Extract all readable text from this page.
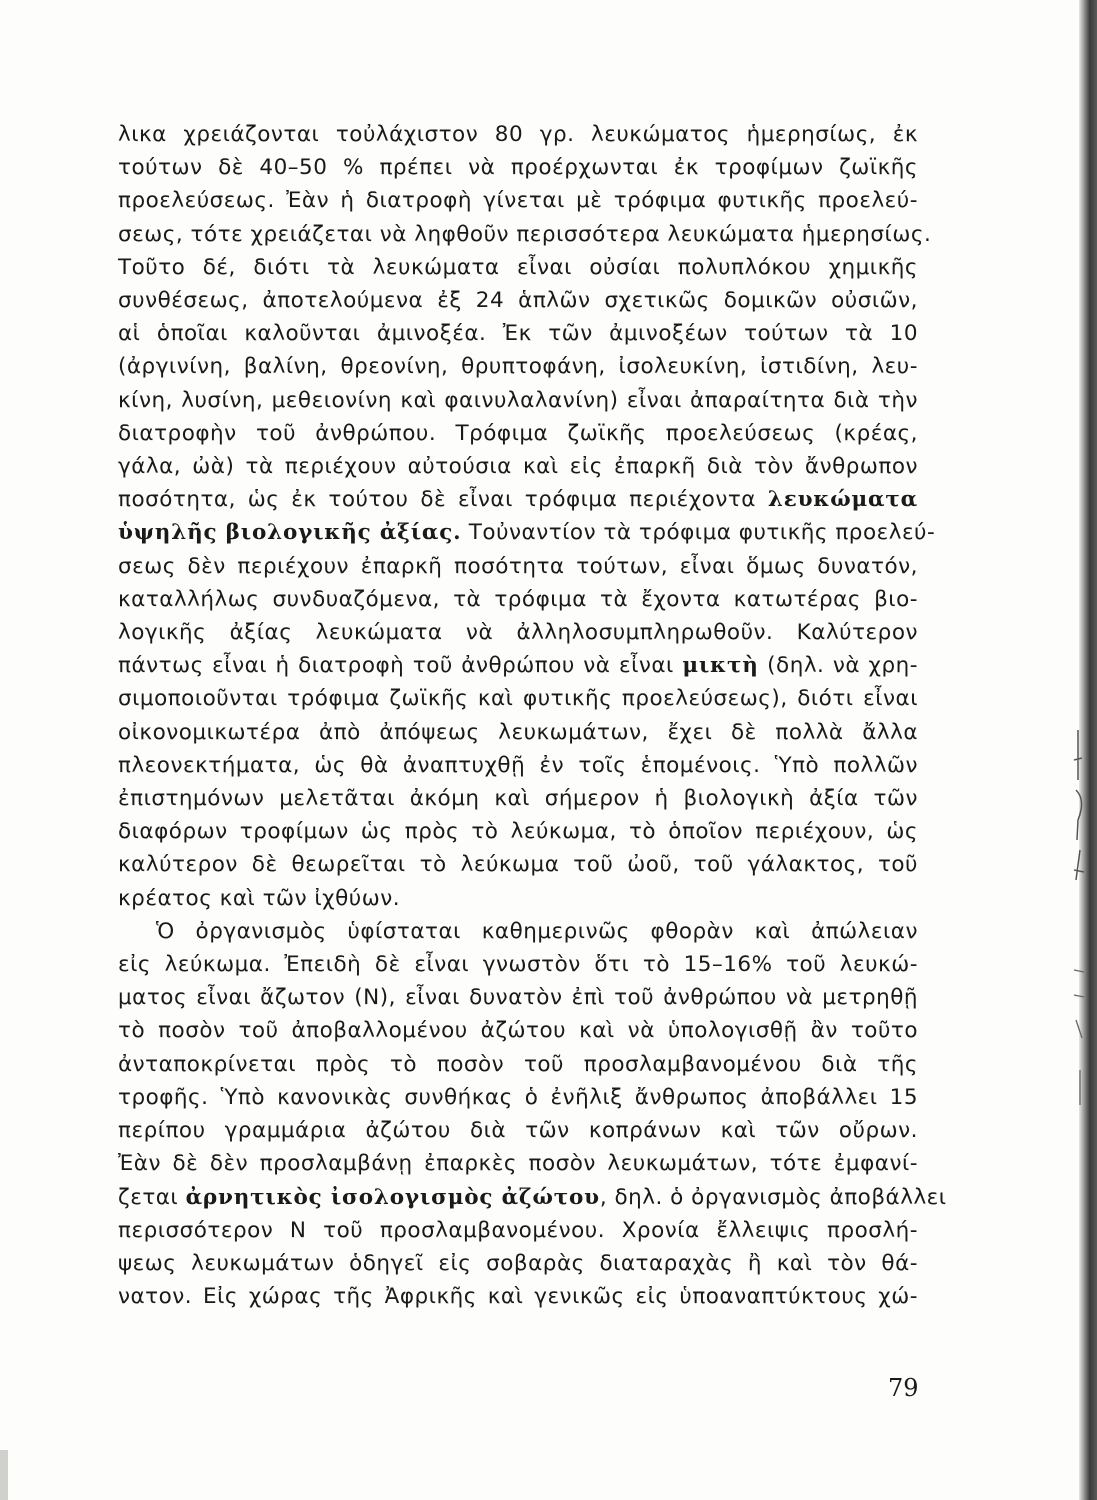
λικα χρειάζονται τοὐλάχιστον 80 γρ. λευκώματος ἡμερησίως, ἐκ
τούτων δὲ 40–50 % πρέπει νὰ προέρχωνται ἐκ τροφίμων ζωϊκῆς
προελεύσεως. Ἐὰν ἡ διατροφὴ γίνεται μὲ τρόφιμα φυτικῆς προελεύ-
σεως, τότε χρειάζεται νὰ ληφθοῦν περισσότερα λευκώματα ἡμερησίως.
Τοῦτο δέ, διότι τὰ λευκώματα εἶναι οὐσίαι πολυπλόκου χημικῆς
συνθέσεως, ἀποτελούμενα ἐξ 24 ἁπλῶν σχετικῶς δομικῶν οὐσιῶν,
αἱ ὁποῖαι καλοῦνται ἀμινοξέα. Ἐκ τῶν ἀμινοξέων τούτων τὰ 10
(ἀργινίνη, βαλίνη, θρεονίνη, θρυπτοφάνη, ἰσολευκίνη, ἰστιδίνη, λευ-
κίνη, λυσίνη, μεθειονίνη καὶ φαινυλαλανίνη) εἶναι ἀπαραίτητα διὰ τὴν
διατροφὴν τοῦ ἀνθρώπου. Τρόφιμα ζωϊκῆς προελεύσεως (κρέας,
γάλα, ὠὰ) τὰ περιέχουν αὐτούσια καὶ εἰς ἐπαρκῆ διὰ τὸν ἄνθρωπον
ποσότητα, ὡς ἐκ τούτου δὲ εἶναι τρόφιμα περιέχοντα λευκώματα
ὑψηλῆς βιολογικῆς ἀξίας. Τοὐναντίον τὰ τρόφιμα φυτικῆς προελεύ-
σεως δὲν περιέχουν ἐπαρκῆ ποσότητα τούτων, εἶναι ὅμως δυνατόν,
καταλλήλως συνδυαζόμενα, τὰ τρόφιμα τὰ ἔχοντα κατωτέρας βιο-
λογικῆς ἀξίας λευκώματα νὰ ἀλληλοσυμπληρωθοῦν. Καλύτερον
πάντως εἶναι ἡ διατροφὴ τοῦ ἀνθρώπου νὰ εἶναι μικτὴ (δηλ. νὰ χρη-
σιμοποιοῦνται τρόφιμα ζωϊκῆς καὶ φυτικῆς προελεύσεως), διότι εἶναι
οἰκονομικωτέρα ἀπὸ ἀπόψεως λευκωμάτων, ἔχει δὲ πολλὰ ἄλλα
πλεονεκτήματα, ὡς θὰ ἀναπτυχθῇ ἐν τοῖς ἑπομένοις. Ὑπὸ πολλῶν
ἐπιστημόνων μελετᾶται ἀκόμη καὶ σήμερον ἡ βιολογικὴ ἀξία τῶν
διαφόρων τροφίμων ὡς πρὸς τὸ λεύκωμα, τὸ ὁποῖον περιέχουν, ὡς
καλύτερον δὲ θεωρεῖται τὸ λεύκωμα τοῦ ὠοῦ, τοῦ γάλακτος, τοῦ
κρέατος καὶ τῶν ἰχθύων.
Ὁ ὀργανισμὸς ὑφίσταται καθημερινῶς φθορὰν καὶ ἀπώλειαν
εἰς λεύκωμα. Ἐπειδὴ δὲ εἶναι γνωστὸν ὅτι τὸ 15–16% τοῦ λευκώ-
ματος εἶναι ἄζωτον (Ν), εἶναι δυνατὸν ἐπὶ τοῦ ἀνθρώπου νὰ μετρηθῇ
τὸ ποσὸν τοῦ ἀποβαλλομένου ἀζώτου καὶ νὰ ὑπολογισθῇ ἂν τοῦτο
ἀνταποκρίνεται πρὸς τὸ ποσὸν τοῦ προσλαμβανομένου διὰ τῆς
τροφῆς. Ὑπὸ κανονικὰς συνθήκας ὁ ἐνῆλιξ ἄνθρωπος ἀποβάλλει 15
περίπου γραμμάρια ἀζώτου διὰ τῶν κοπράνων καὶ τῶν οὔρων.
Ἐὰν δὲ δὲν προσλαμβάνῃ ἐπαρκὲς ποσὸν λευκωμάτων, τότε ἐμφανί-
ζεται ἀρνητικὸς ἰσολογισμὸς ἀζώτου, δηλ. ὁ ὀργανισμὸς ἀποβάλλει
περισσότερον Ν τοῦ προσλαμβανομένου. Χρονία ἔλλειψις προσλή-
ψεως λευκωμάτων ὁδηγεῖ εἰς σοβαρὰς διαταραχὰς ἢ καὶ τὸν θά-
νατον. Εἰς χώρας τῆς Ἀφρικῆς καὶ γενικῶς εἰς ὑποαναπτύκτους χώ-
79
